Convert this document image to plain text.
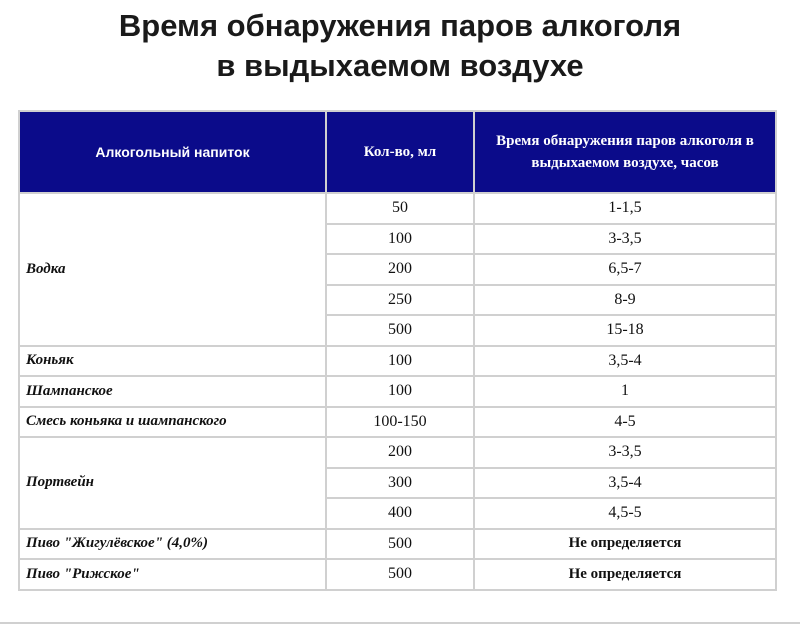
Время обнаружения паров алкоголя
в выдыхаемом воздухе
Алкогольный напиток	Кол-во, мл	Время обнаружения паров алкоголя в выдыхаемом воздухе, часов
Водка	50	1-1,5
	100	3-3,5
	200	6,5-7
	250	8-9
	500	15-18
Коньяк	100	3,5-4
Шампанское	100	1
Смесь коньяка и шампанского	100-150	4-5
Портвейн	200	3-3,5
	300	3,5-4
	400	4,5-5
Пиво "Жигулёвское" (4,0%)	500	Не определяется
Пиво "Рижское"	500	Не определяется
